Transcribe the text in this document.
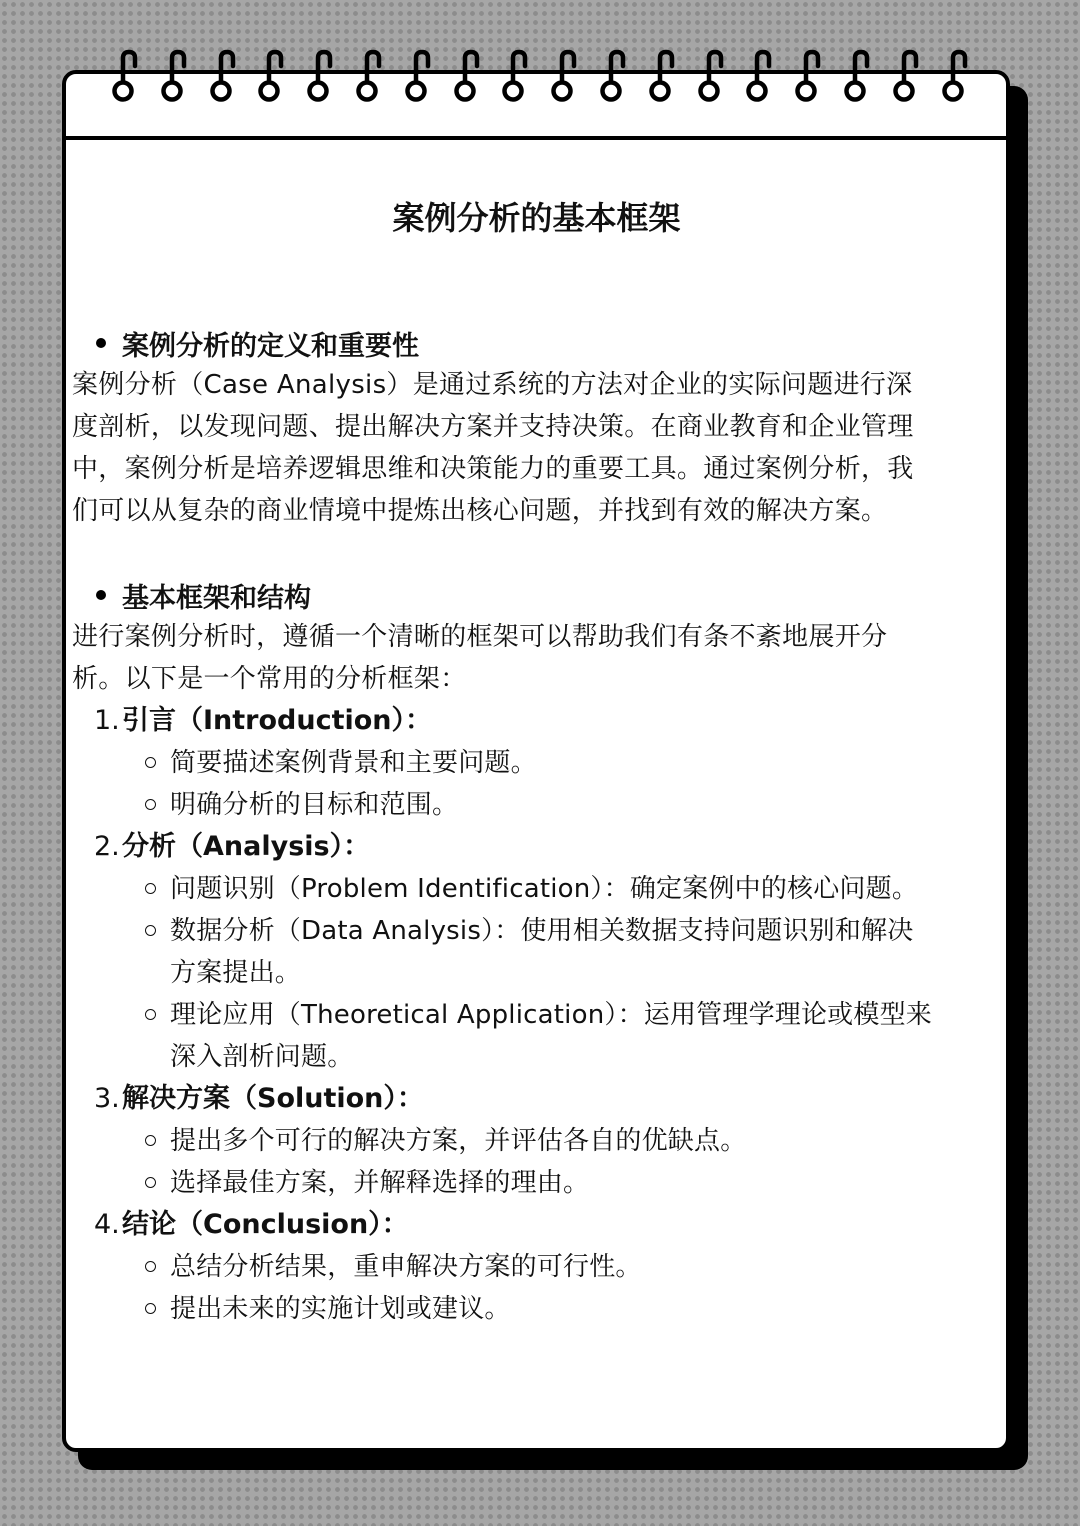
案例分析的基本框架
案例分析的定义和重要性

案例分析（Case Analysis）是通过系统的方法对企业的实际问题进行深

度剖析，以发现问题、提出解决方案并支持决策。在商业教育和企业管理

中，案例分析是培养逻辑思维和决策能力的重要工具。通过案例分析，我

们可以从复杂的商业情境中提炼出核心问题，并找到有效的解决方案。

基本框架和结构

进行案例分析时，遵循一个清晰的框架可以帮助我们有条不紊地展开分

析。以下是一个常用的分析框架：

1. 引言（Introduction）：
简要描述案例背景和主要问题。
明确分析的目标和范围。
2. 分析（Analysis）：
问题识别（Problem Identification）：确定案例中的核心问题。
数据分析（Data Analysis）：使用相关数据支持问题识别和解决
方案提出。
理论应用（Theoretical Application）：运用管理学理论或模型来
深入剖析问题。
3. 解决方案（Solution）：
提出多个可行的解决方案，并评估各自的优缺点。
选择最佳方案，并解释选择的理由。
4. 结论（Conclusion）：
总结分析结果，重申解决方案的可行性。
提出未来的实施计划或建议。
